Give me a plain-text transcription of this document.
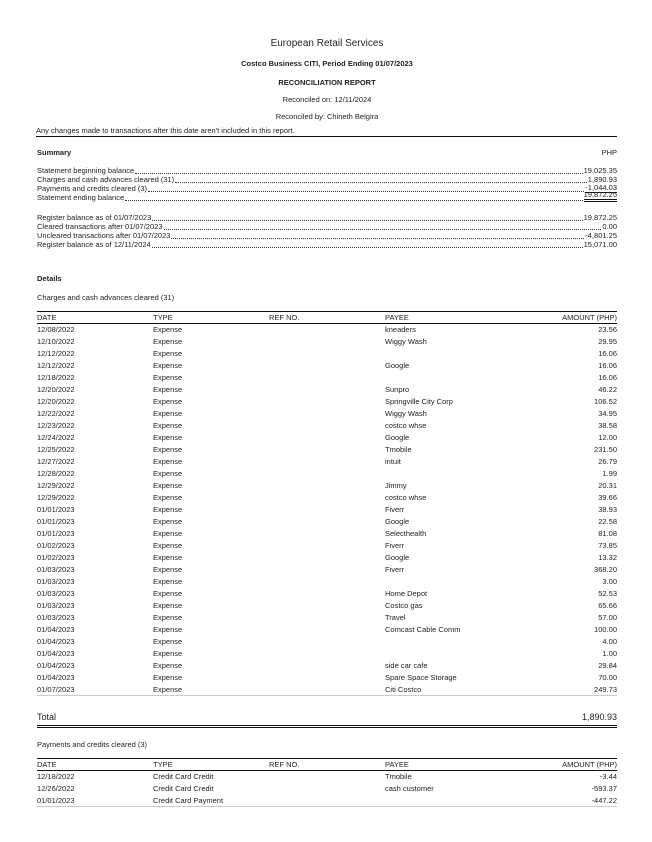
European Retail Services
Costco Business CITI, Period Ending 01/07/2023
RECONCILIATION REPORT
Reconciled on: 12/11/2024
Reconciled by: Chineth Belgira
Any changes made to transactions after this date aren't included in this report.
Summary	PHP
Statement beginning balance	19,025.35
Charges and cash advances cleared (31)	1,890.93
Payments and credits cleared (3)	-1,044.03
Statement ending balance	19,872.25
Register balance as of 01/07/2023	19,872.25
Cleared transactions after 01/07/2023	0.00
Uncleared transactions after 01/07/2023	-4,801.25
Register balance as of 12/11/2024	15,071.00
Details
Charges and cash advances cleared (31)
DATE	TYPE	REF NO.	PAYEE	AMOUNT (PHP)
12/08/2022	Expense		kneaders	23.56
12/10/2022	Expense		Wiggy Wash	29.95
12/12/2022	Expense			16.06
12/12/2022	Expense		Google	16.06
12/18/2022	Expense			16.06
12/20/2022	Expense		Sunpro	46.22
12/20/2022	Expense		Springville City Corp	106.52
12/22/2022	Expense		Wiggy Wash	34.95
12/23/2022	Expense		costco whse	38.58
12/24/2022	Expense		Google	12.00
12/25/2022	Expense		Tmobile	231.50
12/27/2022	Expense		intuit	26.79
12/28/2022	Expense			1.99
12/29/2022	Expense		Jimmy	20.31
12/29/2022	Expense		costco whse	39.66
01/01/2023	Expense		Fiverr	38.93
01/01/2023	Expense		Google	22.58
01/01/2023	Expense		Selecthealth	81.08
01/02/2023	Expense		Fiverr	73.85
01/02/2023	Expense		Google	13.32
01/03/2023	Expense		Fiverr	368.20
01/03/2023	Expense			3.00
01/03/2023	Expense		Home Depot	52.53
01/03/2023	Expense		Costco gas	65.66
01/03/2023	Expense		Travel	57.00
01/04/2023	Expense		Comcast Cable Comm	100.00
01/04/2023	Expense			4.00
01/04/2023	Expense			1.00
01/04/2023	Expense		side car cafe	29.84
01/04/2023	Expense		Spare Space Storage	70.00
01/07/2023	Expense		Citi Costco	249.73
Total	1,890.93
Payments and credits cleared (3)
DATE	TYPE	REF NO.	PAYEE	AMOUNT (PHP)
12/18/2022	Credit Card Credit		Tmobile	-3.44
12/26/2022	Credit Card Credit		cash customer	-593.37
01/01/2023	Credit Card Payment			-447.22
